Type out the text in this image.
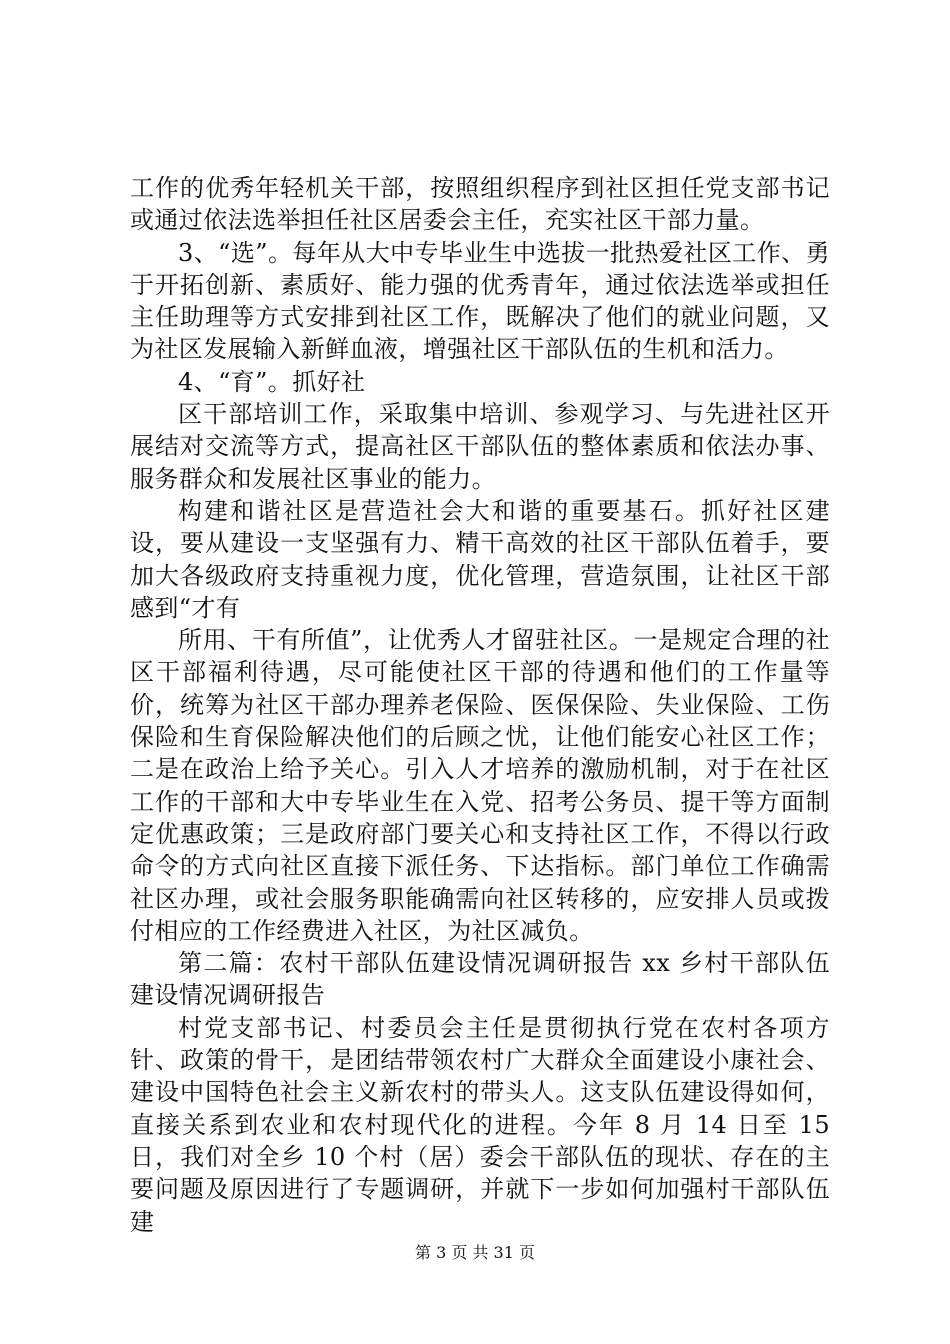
工作的优秀年轻机关干部，按照组织程序到社区担任党支部书记或通过依法选举担任社区居委会主任，充实社区干部力量。

3、“选”。每年从大中专毕业生中选拔一批热爱社区工作、勇于开拓创新、素质好、能力强的优秀青年，通过依法选举或担任主任助理等方式安排到社区工作，既解决了他们的就业问题，又为社区发展输入新鲜血液，增强社区干部队伍的生机和活力。

4、“育”。抓好社

区干部培训工作，采取集中培训、参观学习、与先进社区开展结对交流等方式，提高社区干部队伍的整体素质和依法办事、服务群众和发展社区事业的能力。

构建和谐社区是营造社会大和谐的重要基石。抓好社区建设，要从建设一支坚强有力、精干高效的社区干部队伍着手，要加大各级政府支持重视力度，优化管理，营造氛围，让社区干部感到“才有

所用、干有所值”，让优秀人才留驻社区。一是规定合理的社区干部福利待遇，尽可能使社区干部的待遇和他们的工作量等价，统筹为社区干部办理养老保险、医保保险、失业保险、工伤保险和生育保险解决他们的后顾之忧，让他们能安心社区工作；二是在政治上给予关心。引入人才培养的激励机制，对于在社区工作的干部和大中专毕业生在入党、招考公务员、提干等方面制定优惠政策；三是政府部门要关心和支持社区工作，不得以行政命令的方式向社区直接下派任务、下达指标。部门单位工作确需社区办理，或社会服务职能确需向社区转移的，应安排人员或拨付相应的工作经费进入社区，为社区减负。

第二篇：农村干部队伍建设情况调研报告 xx 乡村干部队伍建设情况调研报告

村党支部书记、村委员会主任是贯彻执行党在农村各项方针、政策的骨干，是团结带领农村广大群众全面建设小康社会、建设中国特色社会主义新农村的带头人。这支队伍建设得如何，直接关系到农业和农村现代化的进程。今年 8 月 14 日至 15 日，我们对全乡 10 个村（居）委会干部队伍的现状、存在的主要问题及原因进行了专题调研，并就下一步如何加强村干部队伍建

第 3 页 共 31 页
